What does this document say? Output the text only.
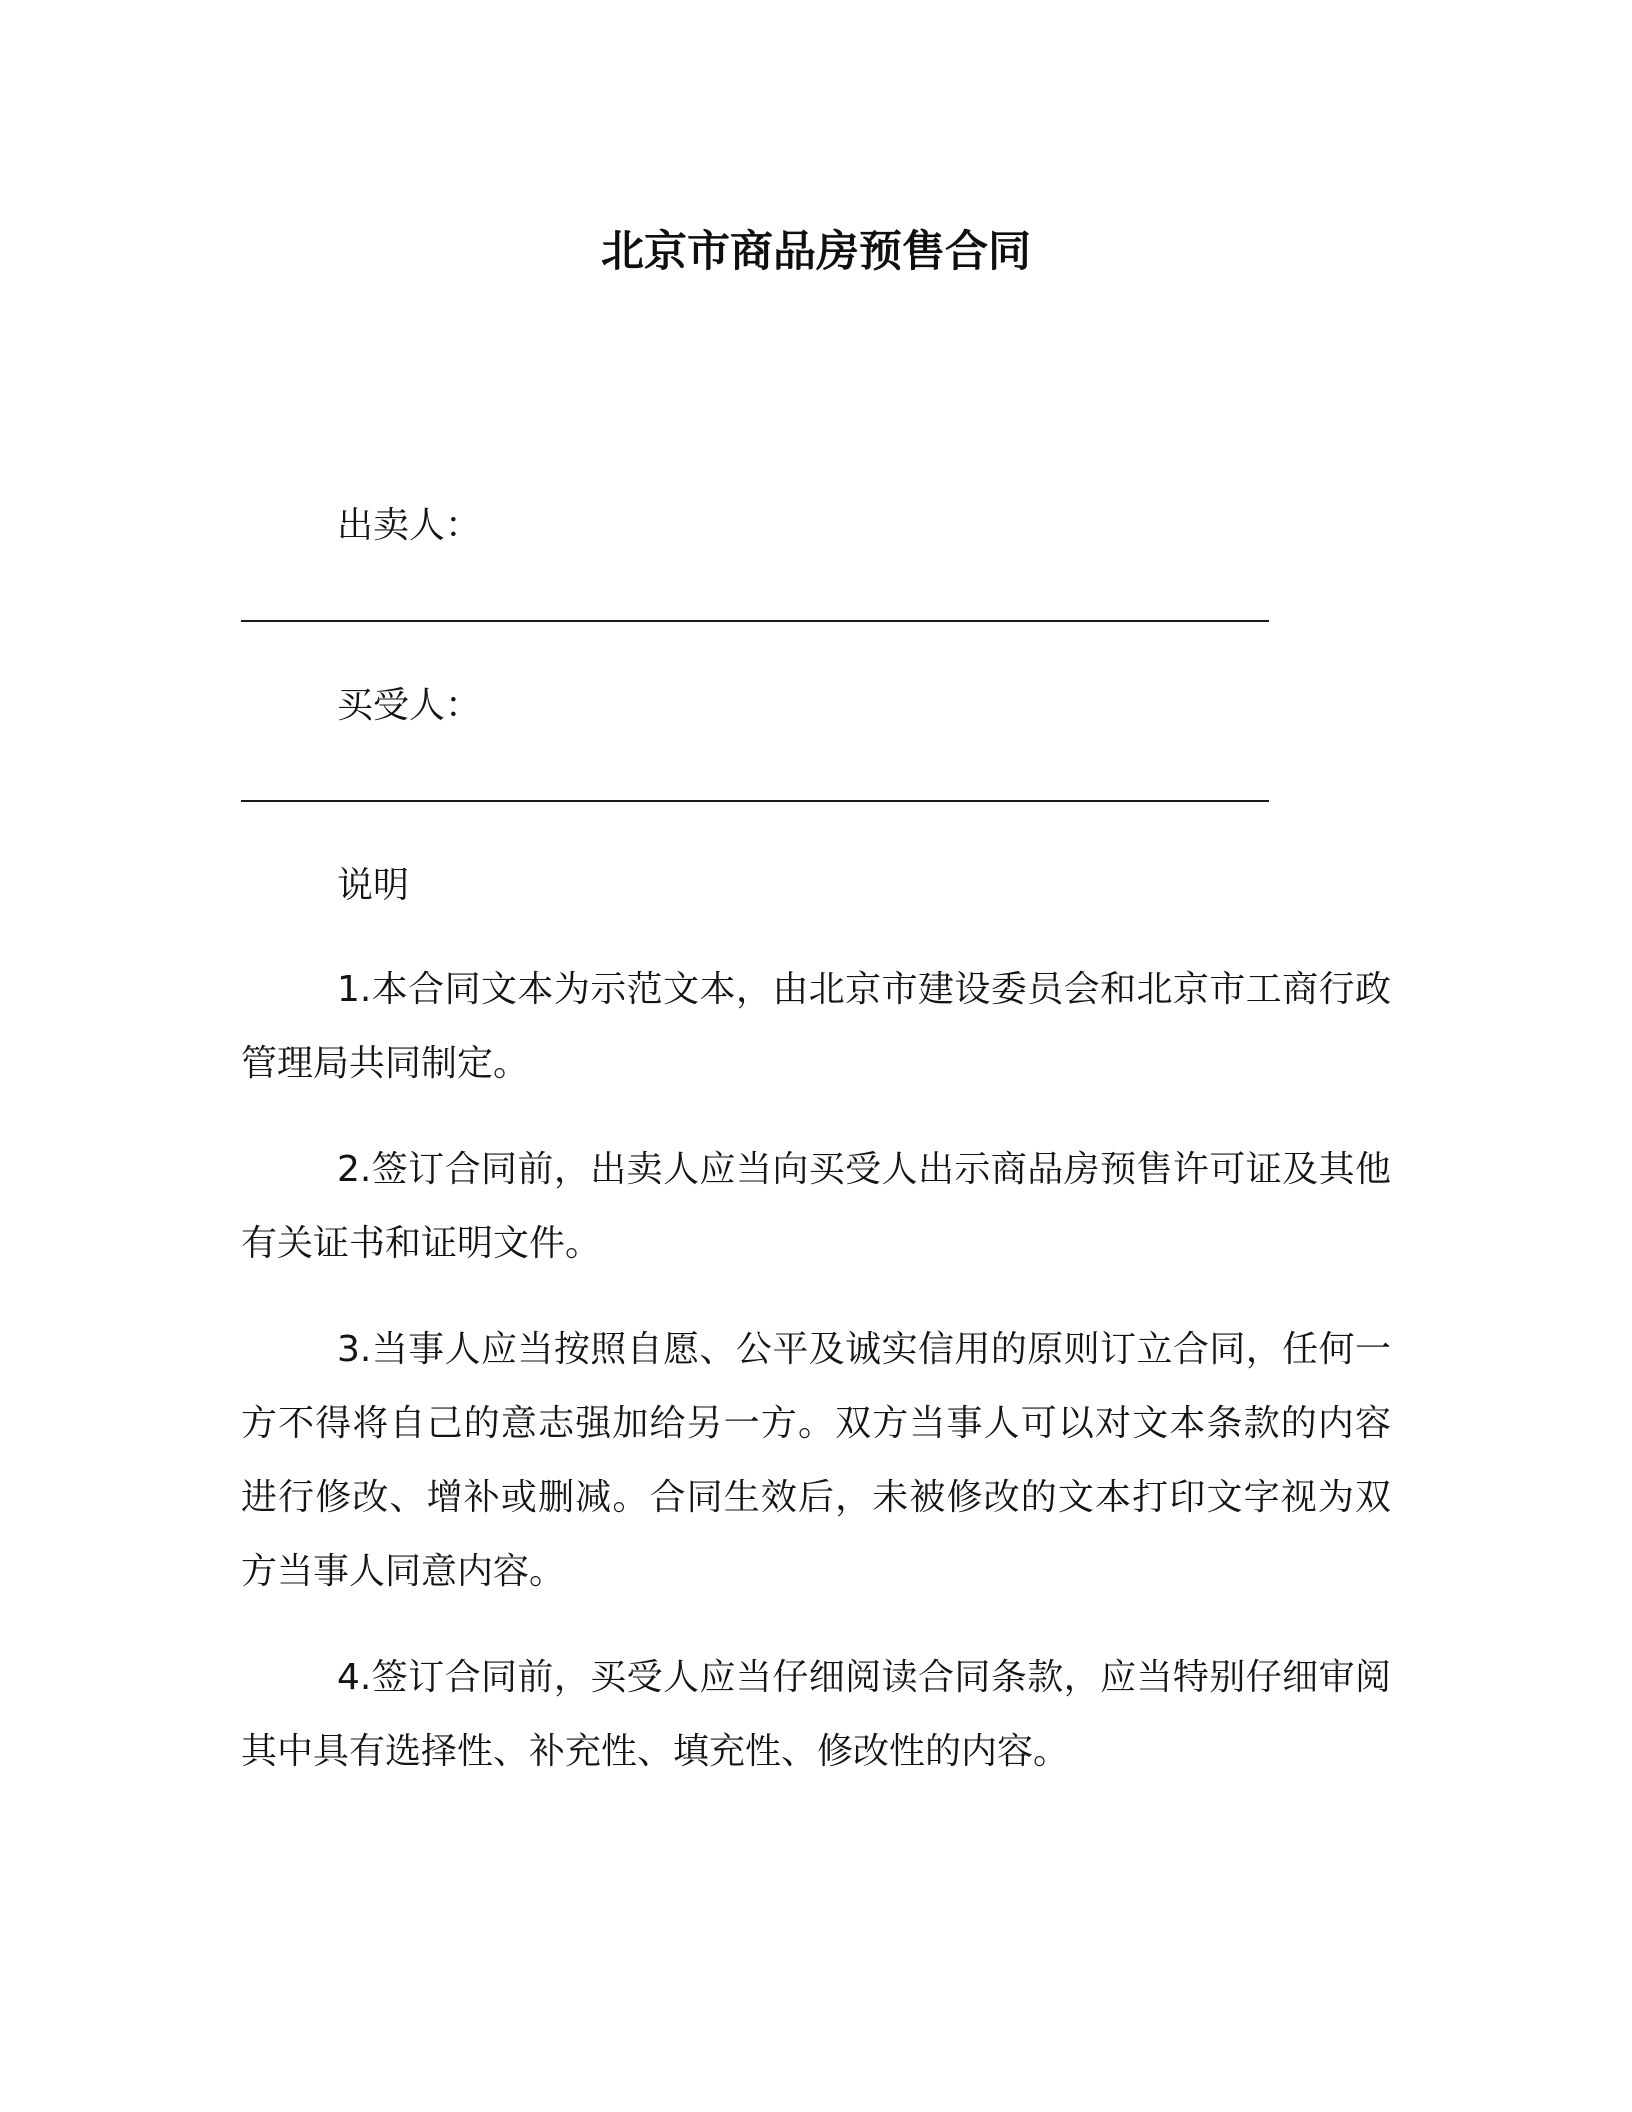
北京市商品房预售合同
出卖人：
买受人：
说明
1.本合同文本为示范文本，由北京市建设委员会和北京市工商行政管理局共同制定。
2.签订合同前，出卖人应当向买受人出示商品房预售许可证及其他有关证书和证明文件。
3.当事人应当按照自愿、公平及诚实信用的原则订立合同，任何一方不得将自己的意志强加给另一方。双方当事人可以对文本条款的内容进行修改、增补或删减。合同生效后，未被修改的文本打印文字视为双方当事人同意内容。
4.签订合同前，买受人应当仔细阅读合同条款，应当特别仔细审阅其中具有选择性、补充性、填充性、修改性的内容。
